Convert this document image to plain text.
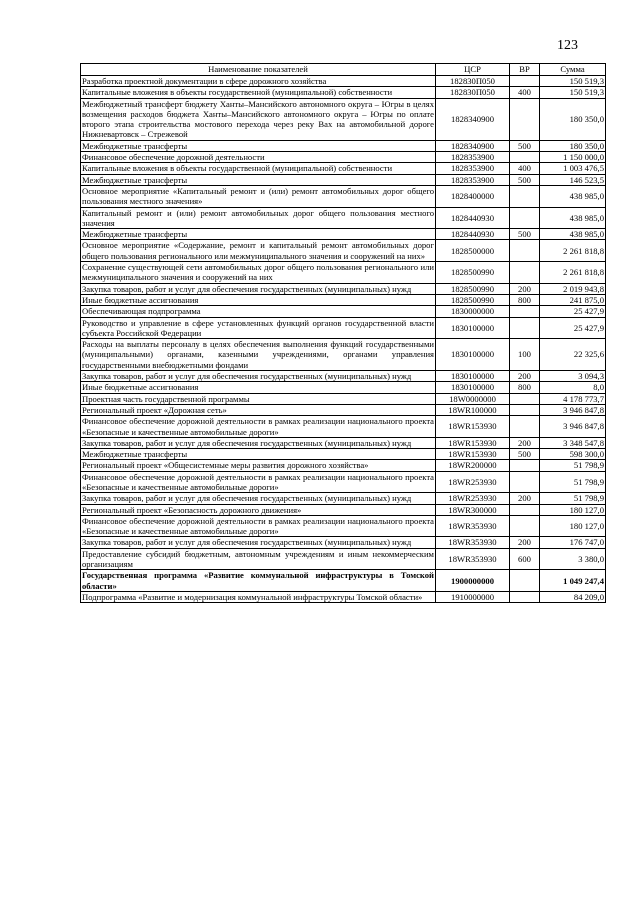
123
Наименование показателей	ЦСР	ВР	Сумма
Разработка проектной документации в сфере дорожного хозяйства	182830П050		150 519,3
Капитальные вложения в объекты государственной (муниципальной) собственности	182830П050	400	150 519,3
Межбюджетный трансферт бюджету Ханты–Мансийского автономного округа – Югры в целях возмещения расходов бюджета Ханты–Мансийского автономного округа – Югры по оплате второго этапа строительства мостового перехода через реку Вах на автомобильной дороге Нижневартовск – Стрежевой	1828340900		180 350,0
Межбюджетные трансферты	1828340900	500	180 350,0
Финансовое обеспечение дорожной деятельности	1828353900		1 150 000,0
Капитальные вложения в объекты государственной (муниципальной) собственности	1828353900	400	1 003 476,5
Межбюджетные трансферты	1828353900	500	146 523,5
Основное мероприятие «Капитальный ремонт и (или) ремонт автомобильных дорог общего пользования местного значения»	1828400000		438 985,0
Капитальный ремонт и (или) ремонт автомобильных дорог общего пользования местного значения	1828440930		438 985,0
Межбюджетные трансферты	1828440930	500	438 985,0
Основное мероприятие «Содержание, ремонт и капитальный ремонт автомобильных дорог общего пользования регионального или межмуниципального значения и сооружений на них»	1828500000		2 261 818,8
Сохранение существующей сети автомобильных дорог общего пользования регионального или межмуниципального значения и сооружений на них	1828500990		2 261 818,8
Закупка товаров, работ и услуг для обеспечения государственных (муниципальных) нужд	1828500990	200	2 019 943,8
Иные бюджетные ассигнования	1828500990	800	241 875,0
Обеспечивающая подпрограмма	1830000000		25 427,9
Руководство и управление в сфере установленных функций органов государственной власти субъекта Российской Федерации	1830100000		25 427,9
Расходы на выплаты персоналу в целях обеспечения выполнения функций государственными (муниципальными) органами, казенными учреждениями, органами управления государственными внебюджетными фондами	1830100000	100	22 325,6
Закупка товаров, работ и услуг для обеспечения государственных (муниципальных) нужд	1830100000	200	3 094,3
Иные бюджетные ассигнования	1830100000	800	8,0
Проектная часть государственной программы	18W0000000		4 178 773,7
Региональный проект «Дорожная сеть»	18WR100000		3 946 847,8
Финансовое обеспечение дорожной деятельности в рамках реализации национального проекта «Безопасные и качественные автомобильные дороги»	18WR153930		3 946 847,8
Закупка товаров, работ и услуг для обеспечения государственных (муниципальных) нужд	18WR153930	200	3 348 547,8
Межбюджетные трансферты	18WR153930	500	598 300,0
Региональный проект «Общесистемные меры развития дорожного хозяйства»	18WR200000		51 798,9
Финансовое обеспечение дорожной деятельности в рамках реализации национального проекта «Безопасные и качественные автомобильные дороги»	18WR253930		51 798,9
Закупка товаров, работ и услуг для обеспечения государственных (муниципальных) нужд	18WR253930	200	51 798,9
Региональный проект «Безопасность дорожного движения»	18WR300000		180 127,0
Финансовое обеспечение дорожной деятельности в рамках реализации национального проекта «Безопасные и качественные автомобильные дороги»	18WR353930		180 127,0
Закупка товаров, работ и услуг для обеспечения государственных (муниципальных) нужд	18WR353930	200	176 747,0
Предоставление субсидий бюджетным, автономным учреждениям и иным некоммерческим организациям	18WR353930	600	3 380,0
Государственная программа «Развитие коммунальной инфраструктуры в Томской области»	1900000000		1 049 247,4
Подпрограмма «Развитие и модернизация коммунальной инфраструктуры Томской области»	1910000000		84 209,0
